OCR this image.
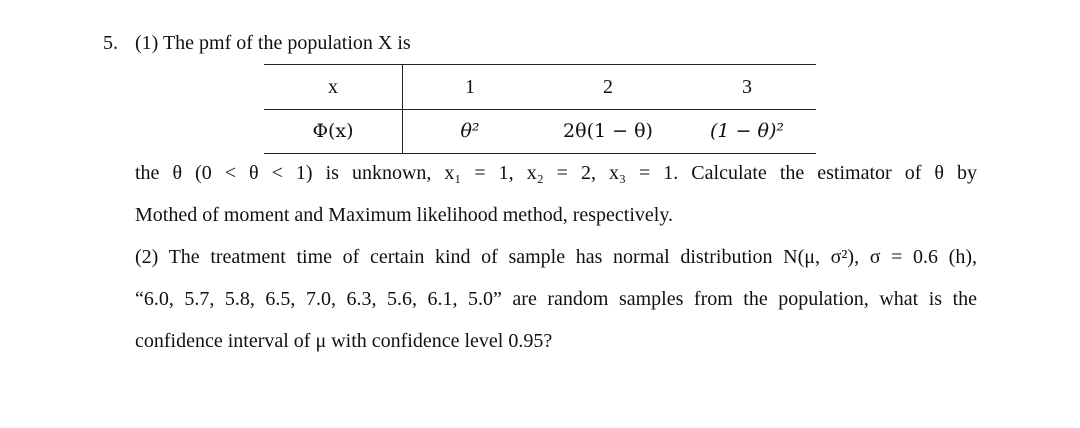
5. (1) The pmf of the population X is
x	1	2	3
Φ(x)	θ²	2θ(1 − θ)	(1 − θ)²
the θ (0 < θ < 1) is unknown, x₁ = 1, x₂ = 2, x₃ = 1. Calculate the estimator of θ by
Mothed of moment and Maximum likelihood method, respectively.
(2) The treatment time of certain kind of sample has normal distribution N(μ, σ²), σ = 0.6 (h),
“6.0, 5.7, 5.8, 6.5, 7.0, 6.3, 5.6, 6.1, 5.0” are random samples from the population, what is the
confidence interval of μ with confidence level 0.95?
